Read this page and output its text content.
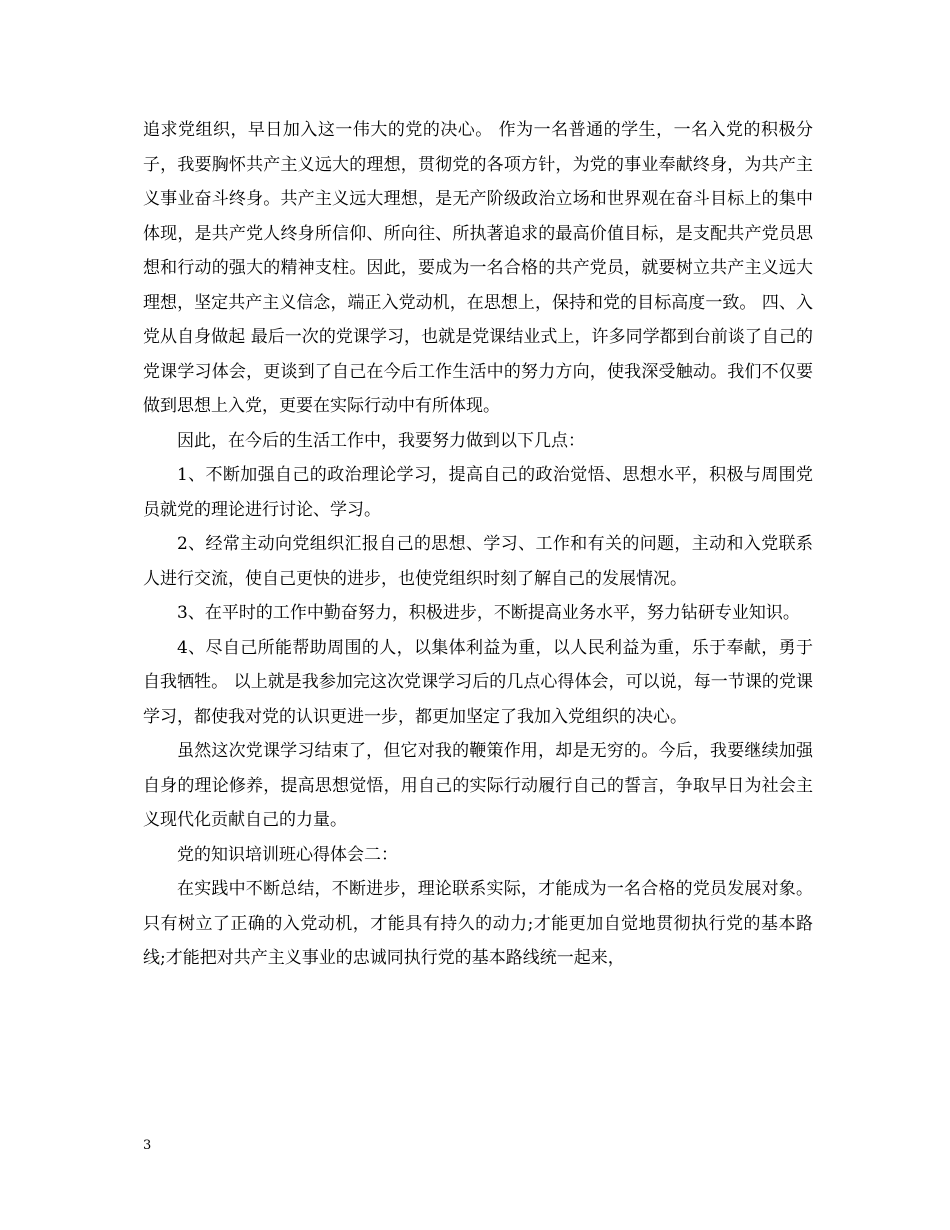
追求党组织，早日加入这一伟大的党的决心。 作为一名普通的学生，一名入党的积极分子，我要胸怀共产主义远大的理想，贯彻党的各项方针，为党的事业奉献终身，为共产主义事业奋斗终身。共产主义远大理想，是无产阶级政治立场和世界观在奋斗目标上的集中体现，是共产党人终身所信仰、所向往、所执著追求的最高价值目标，是支配共产党员思想和行动的强大的精神支柱。因此，要成为一名合格的共产党员，就要树立共产主义远大理想，坚定共产主义信念，端正入党动机，在思想上，保持和党的目标高度一致。 四、入党从自身做起 最后一次的党课学习，也就是党课结业式上，许多同学都到台前谈了自己的党课学习体会，更谈到了自己在今后工作生活中的努力方向，使我深受触动。我们不仅要做到思想上入党，更要在实际行动中有所体现。

因此，在今后的生活工作中，我要努力做到以下几点：

1、不断加强自己的政治理论学习，提高自己的政治觉悟、思想水平，积极与周围党员就党的理论进行讨论、学习。

2、经常主动向党组织汇报自己的思想、学习、工作和有关的问题，主动和入党联系人进行交流，使自己更快的进步，也使党组织时刻了解自己的发展情况。

3、在平时的工作中勤奋努力，积极进步，不断提高业务水平，努力钻研专业知识。

4、尽自己所能帮助周围的人，以集体利益为重，以人民利益为重，乐于奉献，勇于自我牺牲。 以上就是我参加完这次党课学习后的几点心得体会，可以说，每一节课的党课学习，都使我对党的认识更进一步，都更加坚定了我加入党组织的决心。

虽然这次党课学习结束了，但它对我的鞭策作用，却是无穷的。今后，我要继续加强自身的理论修养，提高思想觉悟，用自己的实际行动履行自己的誓言，争取早日为社会主义现代化贡献自己的力量。

党的知识培训班心得体会二：

在实践中不断总结，不断进步，理论联系实际，才能成为一名合格的党员发展对象。只有树立了正确的入党动机，才能具有持久的动力;才能更加自觉地贯彻执行党的基本路线;才能把对共产主义事业的忠诚同执行党的基本路线统一起来，

3
